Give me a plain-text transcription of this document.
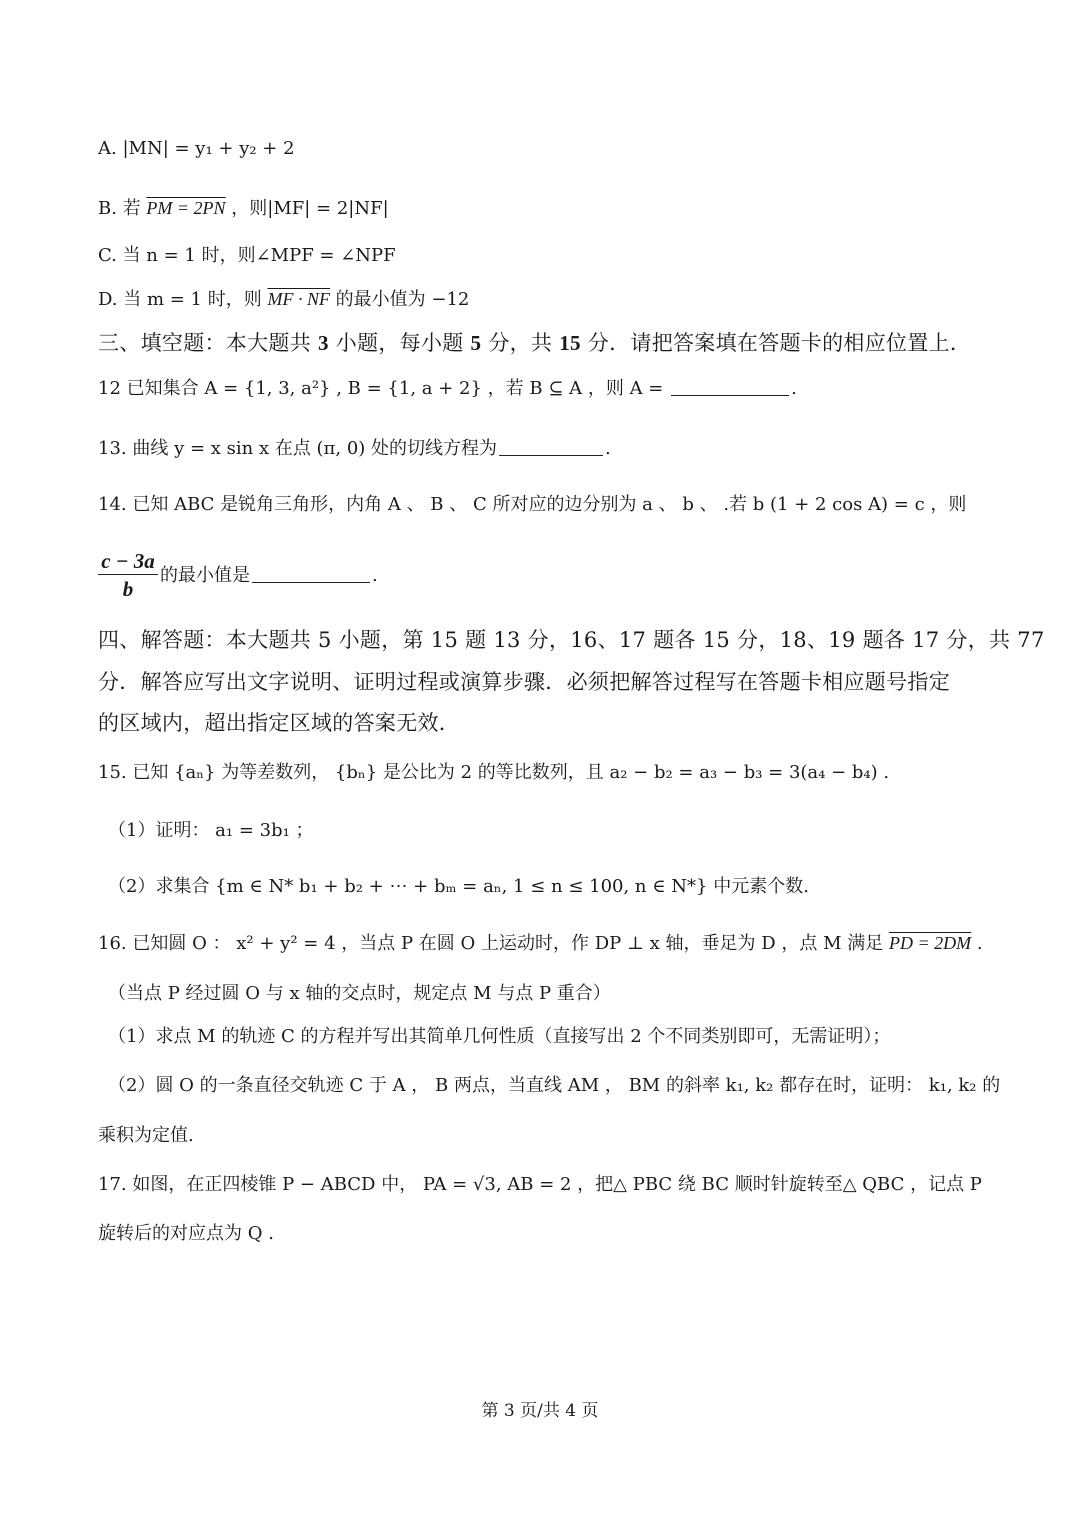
A. |MN| = y₁ + y₂ + 2
B. 若 PM = 2PN ，则|MF| = 2|NF|
C. 当 n = 1 时，则∠MPF = ∠NPF
D. 当 m = 1 时，则 MF · NF 的最小值为 −12
三、填空题：本大题共 3 小题，每小题 5 分，共 15 分．请把答案填在答题卡的相应位置上．
12 已知集合 A = {1, 3, a²} , B = {1, a + 2} ，若 B ⊆ A ，则 A =	.
13. 曲线 y = x sin x 在点 (π, 0) 处的切线方程为	.
14. 已知 ABC 是锐角三角形，内角 A 、 B 、 C 所对应的边分别为 a 、 b 、 .若 b (1 + 2 cos A) = c ，则
$\frac{c - 3a}{b}$ 的最小值是	.
四、解答题：本大题共 5 小题，第 15 题 13 分，16、17 题各 15 分，18、19 题各 17 分，共 77
分．解答应写出文字说明、证明过程或演算步骤．必须把解答过程写在答题卡相应题号指定
的区域内，超出指定区域的答案无效．
15. 已知 {aₙ} 为等差数列， {bₙ} 是公比为 2 的等比数列，且 a₂ − b₂ = a₃ − b₃ = 3(a₄ − b₄) .
（1）证明： a₁ = 3b₁ ；
（2）求集合 {m ∈ N* b₁ + b₂ + ⋯ + bₘ = aₙ, 1 ≤ n ≤ 100, n ∈ N*} 中元素个数.
16. 已知圆 O ： x² + y² = 4 ，当点 P 在圆 O 上运动时，作 DP ⊥ x 轴，垂足为 D ，点 M 满足 PD = 2DM .
（当点 P 经过圆 O 与 x 轴的交点时，规定点 M 与点 P 重合）
（1）求点 M 的轨迹 C 的方程并写出其简单几何性质（直接写出 2 个不同类别即可，无需证明）；
（2）圆 O 的一条直径交轨迹 C 于 A ， B 两点，当直线 AM ， BM 的斜率 k₁, k₂ 都存在时，证明： k₁, k₂ 的
乘积为定值.
17. 如图，在正四棱锥 P − ABCD 中， PA = √3, AB = 2 ，把△ PBC 绕 BC 顺时针旋转至△ QBC ，记点 P
旋转后的对应点为 Q .
第 3 页/共 4 页
